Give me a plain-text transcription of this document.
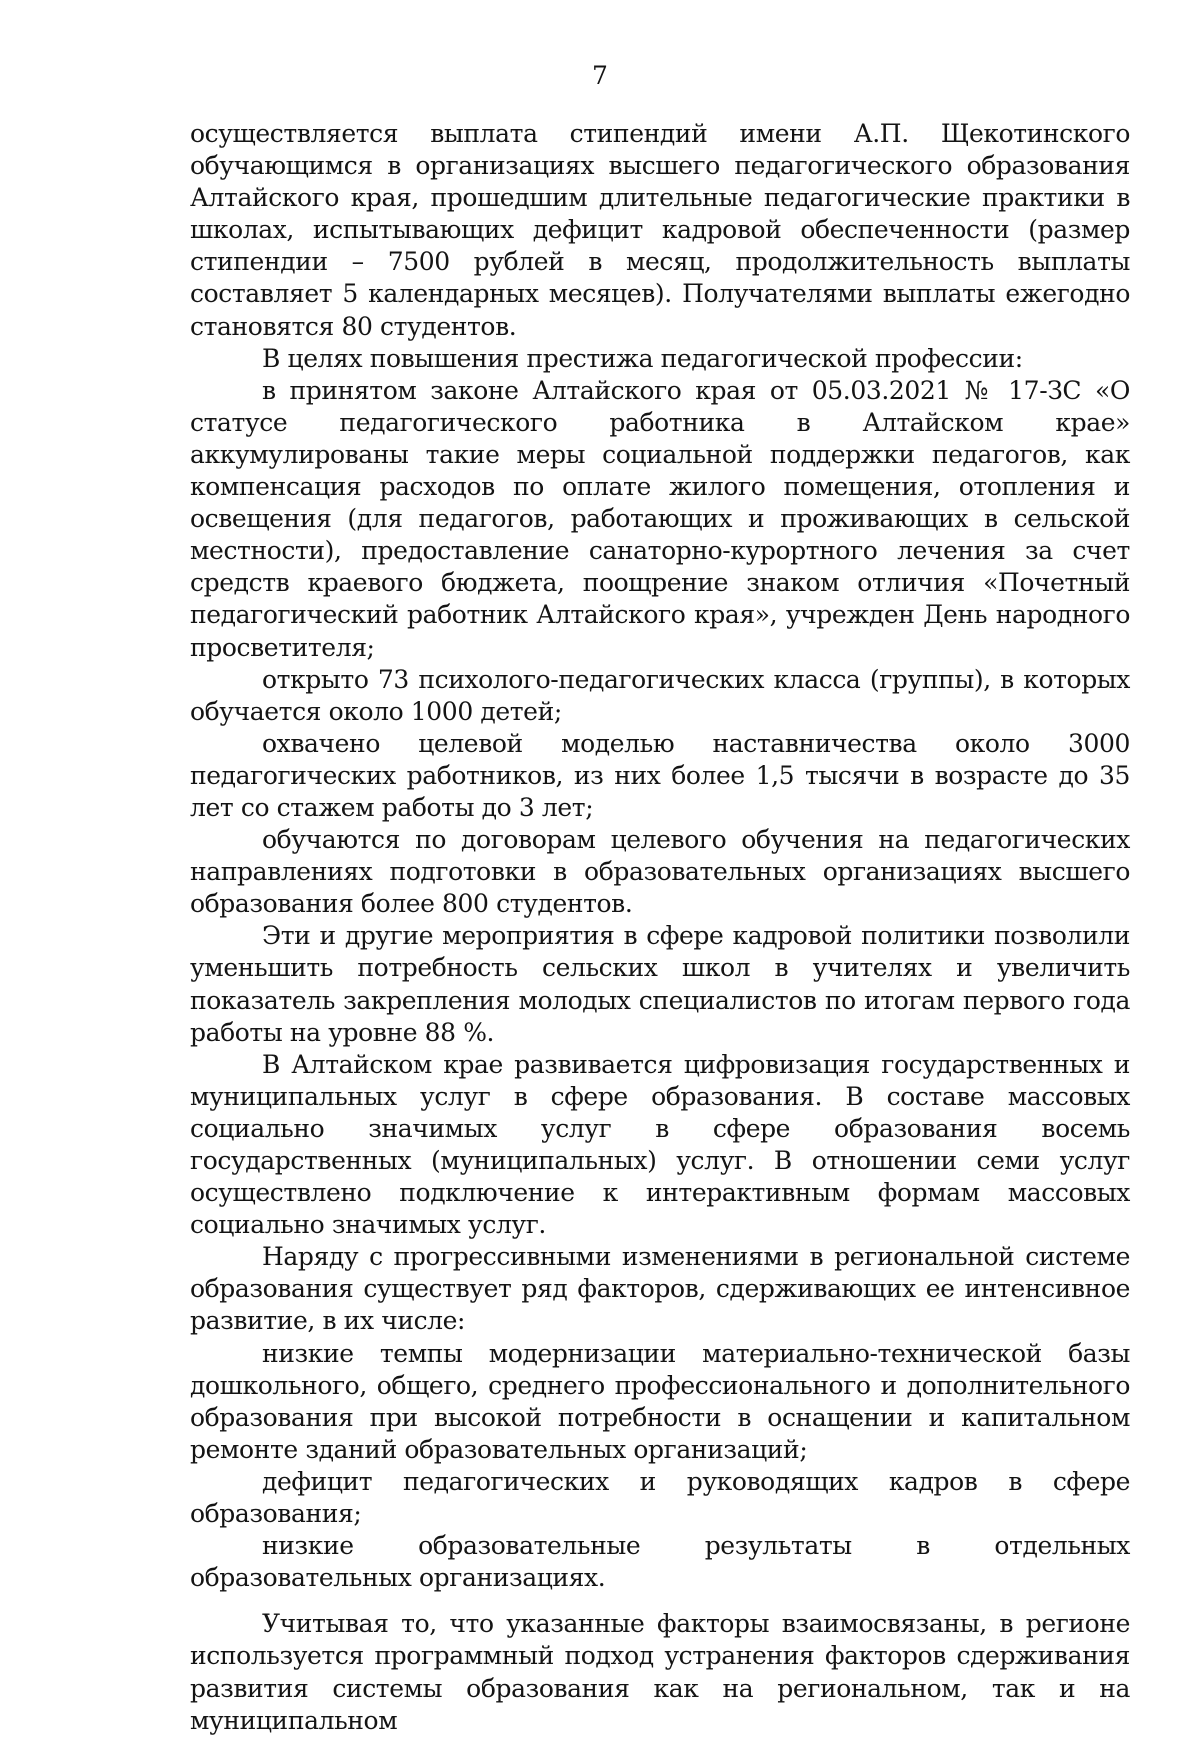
7

осуществляется выплата стипендий имени А.П. Щекотинского обучающимся в организациях высшего педагогического образования Алтайского края, прошедшим длительные педагогические практики в школах, испытывающих дефицит кадровой обеспеченности (размер стипендии – 7500 рублей в месяц, продолжительность выплаты составляет 5 календарных месяцев). Получателями выплаты ежегодно становятся 80 студентов.

В целях повышения престижа педагогической профессии:

в принятом законе Алтайского края от 05.03.2021 № 17-ЗС «О статусе педагогического работника в Алтайском крае» аккумулированы такие меры социальной поддержки педагогов, как компенсация расходов по оплате жилого помещения, отопления и освещения (для педагогов, работающих и проживающих в сельской местности), предоставление санаторно-курортного лечения за счет средств краевого бюджета, поощрение знаком отличия «Почетный педагогический работник Алтайского края», учрежден День народного просветителя;

открыто 73 психолого-педагогических класса (группы), в которых обучается около 1000 детей;

охвачено целевой моделью наставничества около 3000 педагогических работников, из них более 1,5 тысячи в возрасте до 35 лет со стажем работы до 3 лет;

обучаются по договорам целевого обучения на педагогических направлениях подготовки в образовательных организациях высшего образования более 800 студентов.

Эти и другие мероприятия в сфере кадровой политики позволили уменьшить потребность сельских школ в учителях и увеличить показатель закрепления молодых специалистов по итогам первого года работы на уровне 88 %.

В Алтайском крае развивается цифровизация государственных и муниципальных услуг в сфере образования. В составе массовых социально значимых услуг в сфере образования восемь государственных (муниципальных) услуг. В отношении семи услуг осуществлено подключение к интерактивным формам массовых социально значимых услуг.

Наряду с прогрессивными изменениями в региональной системе образования существует ряд факторов, сдерживающих ее интенсивное развитие, в их числе:

низкие темпы модернизации материально-технической базы дошкольного, общего, среднего профессионального и дополнительного образования при высокой потребности в оснащении и капитальном ремонте зданий образовательных организаций;

дефицит педагогических и руководящих кадров в сфере образования;

низкие образовательные результаты в отдельных образовательных организациях.

Учитывая то, что указанные факторы взаимосвязаны, в регионе используется программный подход устранения факторов сдерживания развития системы образования как на региональном, так и на муниципальном
